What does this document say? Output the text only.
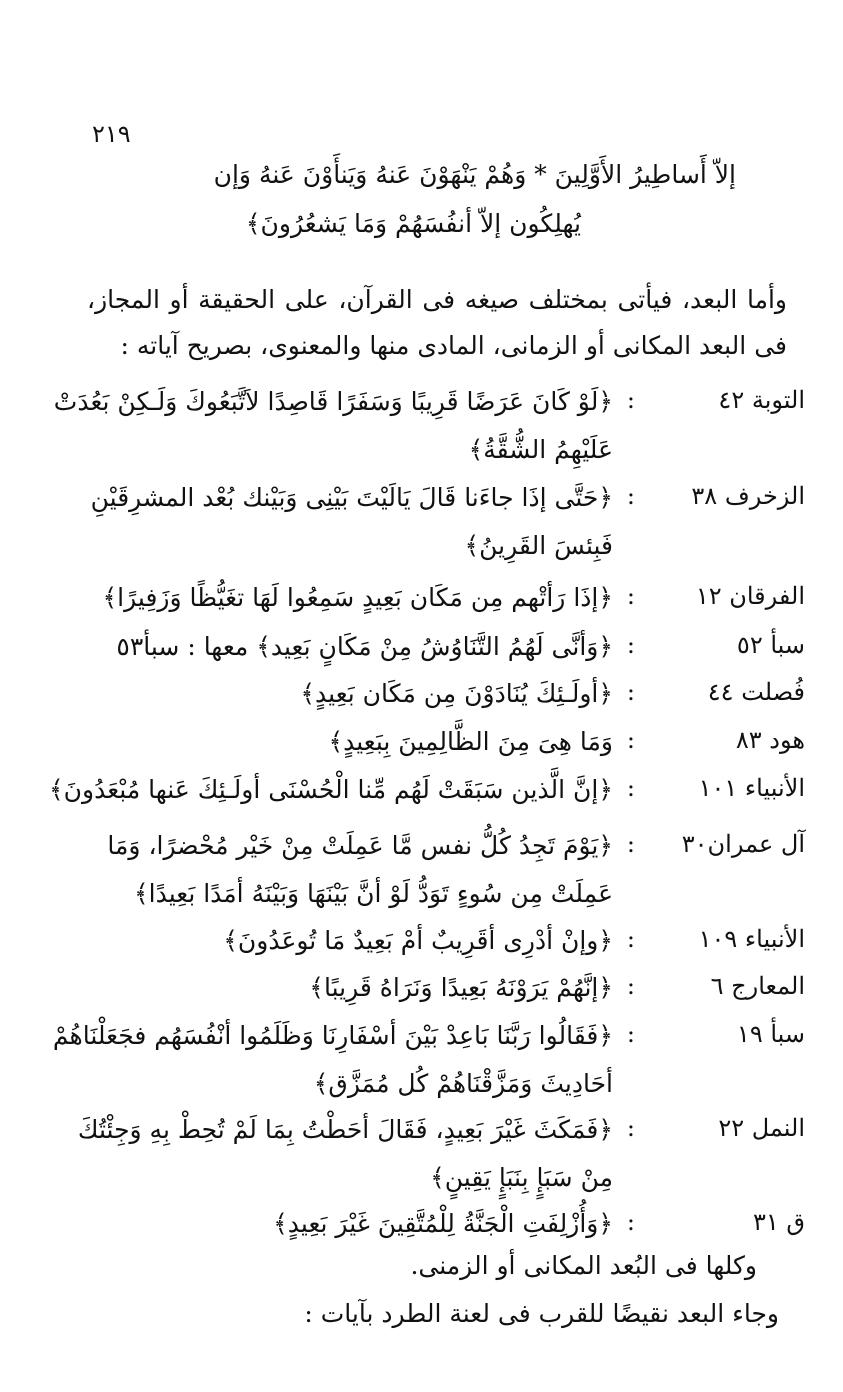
٢١٩
إلاّ أَساطِيرُ الأَوَّلِينَ * وَهُمْ يَنْهَوْنَ عَنهُ وَيَنأَوْنَ عَنهُ وَإن
يُهلِكُون إلاّ أنفُسَهُمْ وَمَا يَشعُرُونَ﴾
وأما البعد، فيأتى بمختلف صيغه فى القرآن، على الحقيقة أو المجاز، فى البعد المكانى أو الزمانى، المادى منها والمعنوى، بصريح آياته :
التوبة ٤٢
:
﴿لَوْ كَانَ عَرَضًا قَرِيبًا وَسَفَرًا قَاصِدًا لاَتَّبَعُوكَ وَلَـكِنْ بَعُدَتْ عَلَيْهِمُ الشُّقَّةُ﴾
الزخرف ٣٨
:
﴿حَتَّى إذَا جاءَنا قَالَ يَالَيْتَ بَيْنِى وَبَيْنك بُعْد المشرِقَيْنِ فَبِئسَ القَرِينُ﴾
الفرقان ١٢
:
﴿إذَا رَأتْهم مِن مَكَان بَعِيدٍ سَمِعُوا لَهَا تغَيُّظًا وَزَفِيرًا﴾
سبأ ٥٢
:
﴿وَأنَّى لَهُمُ التَّنَاوُشُ مِنْ مَكَانٍ بَعِيد﴾ معها : سبأ٥٣
فُصلت ٤٤
:
﴿أولَـئِكَ يُنَادَوْنَ مِن مَكَان بَعِيدٍ﴾
هود ٨٣
:
وَمَا هِىَ مِنَ الظَّالِمِينَ بِبَعِيدٍ﴾
الأنبياء ١٠١
:
﴿إنَّ الَّذين سَبَقَتْ لَهُم مِّنا الْحُسْنَى أولَـئِكَ عَنها مُبْعَدُونَ﴾
آل عمران٣٠
:
﴿يَوْمَ تَجِدُ كُلُّ نفس مَّا عَمِلَتْ مِنْ خَيْر مُحْضرًا، وَمَا عَمِلَتْ مِن سُوءٍ تَوَدُّ لَوْ أنَّ بَيْنَهَا وَبَيْنَهُ أمَدًا بَعِيدًا﴾
الأنبياء ١٠٩
:
﴿وإنْ أدْرِى أقَرِيبٌ أمْ بَعِيدٌ مَا تُوعَدُونَ﴾
المعارج ٦
:
﴿إنَّهُمْ يَرَوْنَهُ بَعِيدًا وَنَرَاهُ قَرِيبًا﴾
سبأ ١٩
:
﴿فَقَالُوا رَبَّنَا بَاعِدْ بَيْنَ أسْفَارِنَا وَظَلَمُوا أنْفُسَهُم فجَعَلْنَاهُمْ أحَادِيثَ وَمَزَّقْنَاهُمْ كُل مُمَزَّق﴾
النمل ٢٢
:
﴿فَمَكَثَ غَيْرَ بَعِيدٍ، فَقَالَ أحَطْتُ بِمَا لَمْ تُحِطْ بِهِ وَجِئْتُكَ مِنْ سَبَإٍ بِنَبَإٍ يَقِينٍ﴾
ق ٣١
:
﴿وَأُزْلِفَتِ الْجَنَّةُ لِلْمُتَّقِينَ غَيْرَ بَعِيدٍ﴾
وكلها فى البُعد المكانى أو الزمنى.
وجاء البعد نقيضًا للقرب فى لعنة الطرد بآيات :
